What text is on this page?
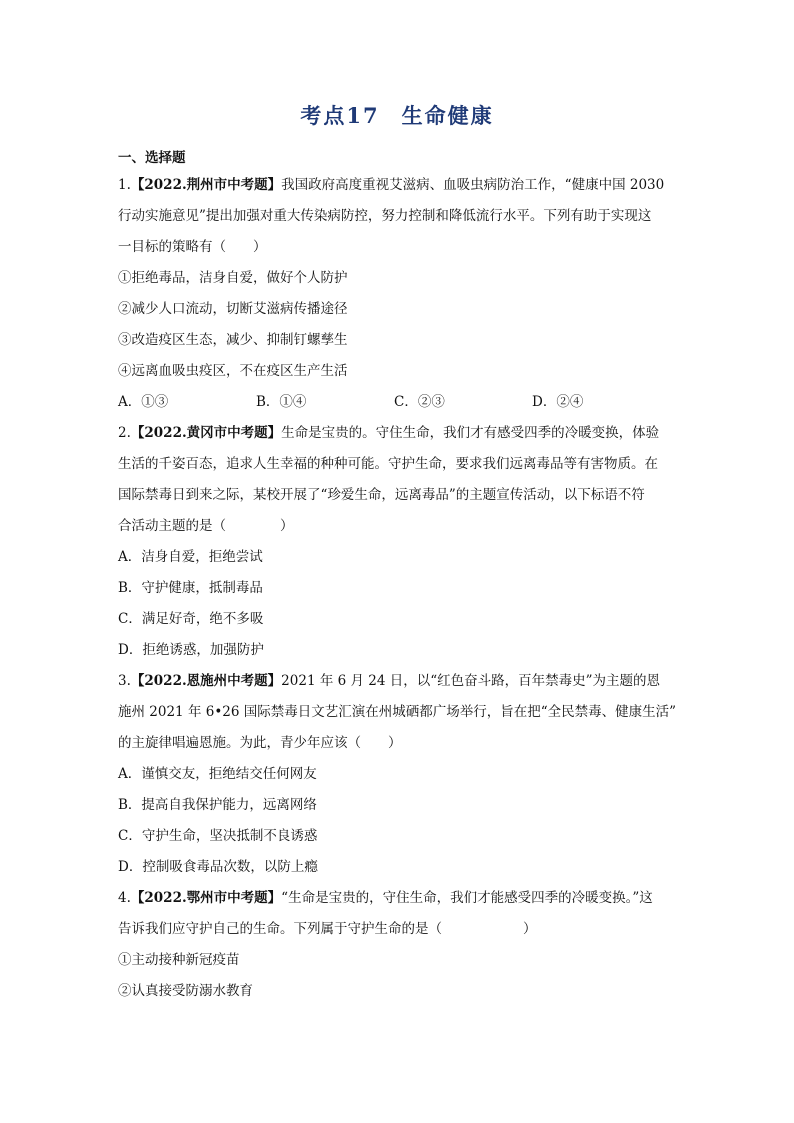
考点17 生命健康
一、选择题
1.【2022.荆州市中考题】我国政府高度重视艾滋病、血吸虫病防治工作，“健康中国 2030
行动实施意见”提出加强对重大传染病防控，努力控制和降低流行水平。下列有助于实现这
一目标的策略有（　　）
①拒绝毒品，洁身自爱，做好个人防护
②减少人口流动，切断艾滋病传播途径
③改造疫区生态，减少、抑制钉螺孳生
④远离血吸虫疫区，不在疫区生产生活
A．①③	B．①④	C．②③	D．②④
2.【2022.黄冈市中考题】生命是宝贵的。守住生命，我们才有感受四季的冷暖变换，体验
生活的千姿百态，追求人生幸福的种种可能。守护生命，要求我们远离毒品等有害物质。在
国际禁毒日到来之际，某校开展了“珍爱生命，远离毒品”的主题宣传活动，以下标语不符
合活动主题的是（　　　　）
A．洁身自爱，拒绝尝试
B．守护健康，抵制毒品
C．满足好奇，绝不多吸
D．拒绝诱惑，加强防护
3.【2022.恩施州中考题】2021 年 6 月 24 日，以“红色奋斗路，百年禁毒史”为主题的恩
施州 2021 年 6•26 国际禁毒日文艺汇演在州城硒都广场举行，旨在把“全民禁毒、健康生活”
的主旋律唱遍恩施。为此，青少年应该（　　）
A．谨慎交友，拒绝结交任何网友
B．提高自我保护能力，远离网络
C．守护生命，坚决抵制不良诱惑
D．控制吸食毒品次数，以防上瘾
4.【2022.鄂州市中考题】“生命是宝贵的，守住生命，我们才能感受四季的冷暖变换。”这
告诉我们应守护自己的生命。下列属于守护生命的是（　　　　　　）
①主动接种新冠疫苗
②认真接受防溺水教育
